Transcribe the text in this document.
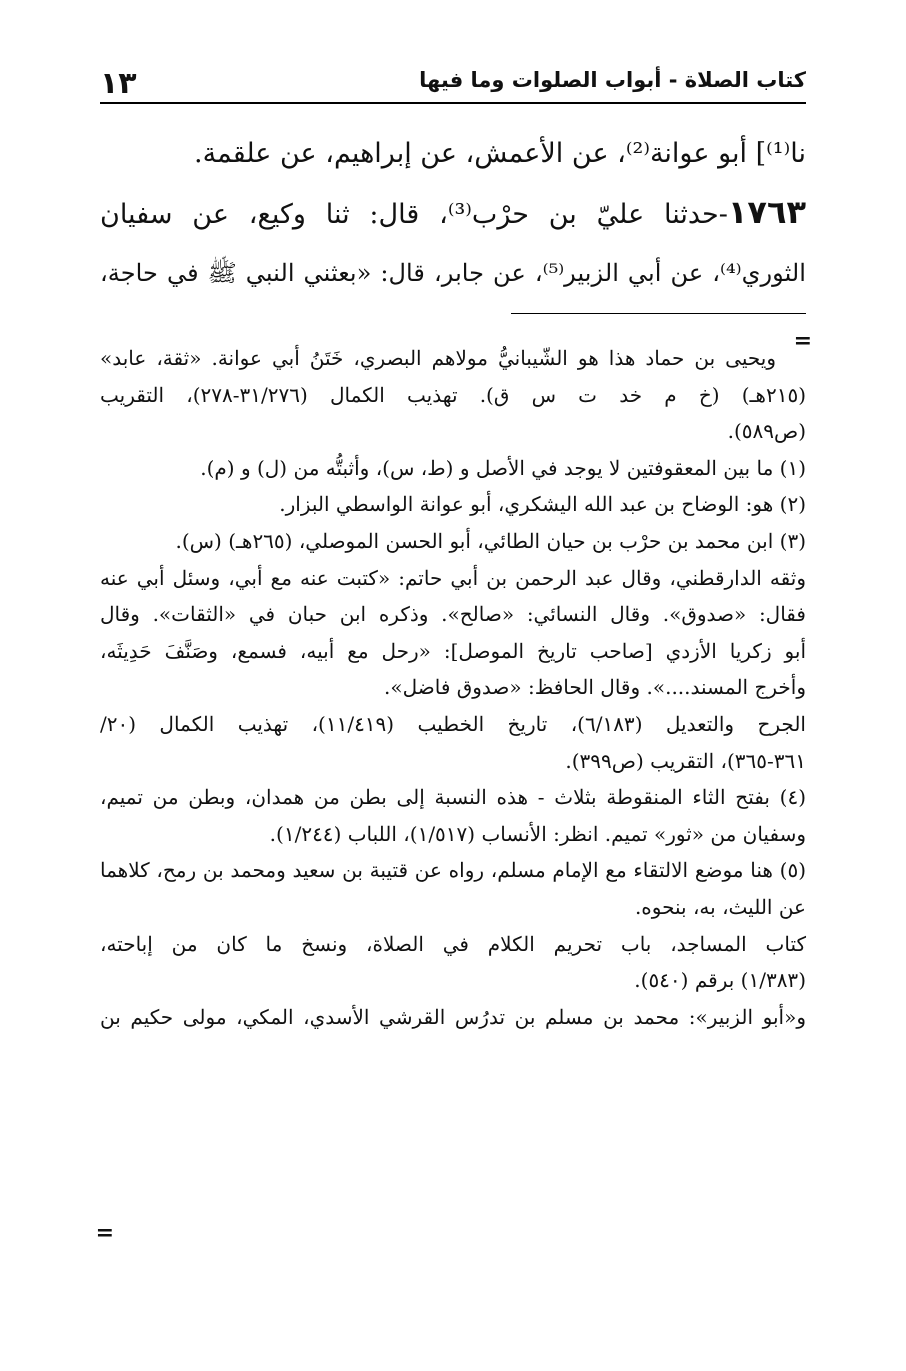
١٣	كتاب الصلاة - أبواب الصلوات وما فيها
نا⁽¹⁾] أبو عوانة⁽²⁾، عن الأعمش، عن إبراهيم، عن علقمة.
١٧٦٣-حدثنا عليّ بن حرْب⁽³⁾، قال: ثنا وكيع، عن سفيان
الثوري⁽⁴⁾، عن أبي الزبير⁽⁵⁾، عن جابر، قال: «بعثني النبي ﷺ في حاجة،
=
ويحيى بن حماد هذا هو الشّيبانيُّ مولاهم البصري، خَتَنُ أبي عوانة. «ثقة، عابد»
(٢١٥هـ) (خ م خد ت س ق). تهذيب الكمال (٣١/٢٧٦-٢٧٨)، التقريب
(ص٥٨٩).
(١) ما بين المعقوفتين لا يوجد في الأصل و (ط، س)، وأثبتُّه من (ل) و (م).
(٢) هو: الوضاح بن عبد الله اليشكري، أبو عوانة الواسطي البزار.
(٣) ابن محمد بن حرْب بن حيان الطائي، أبو الحسن الموصلي، (٢٦٥هـ) (س).
وثقه الدارقطني، وقال عبد الرحمن بن أبي حاتم: «كتبت عنه مع أبي، وسئل أبي عنه
فقال: «صدوق». وقال النسائي: «صالح». وذكره ابن حبان في «الثقات». وقال
أبو زكريا الأزدي [صاحب تاريخ الموصل]: «رحل مع أبيه، فسمع، وصَنَّفَ حَدِيثَه،
وأخرج المسند....». وقال الحافظ: «صدوق فاضل».
الجرح والتعديل (٦/١٨٣)، تاريخ الخطيب (١١/٤١٩)، تهذيب الكمال (٢٠/
٣٦١-٣٦٥)، التقريب (ص٣٩٩).
(٤) بفتح الثاء المنقوطة بثلاث - هذه النسبة إلى بطن من همدان، وبطن من تميم،
وسفيان من «ثور» تميم. انظر: الأنساب (١/٥١٧)، اللباب (١/٢٤٤).
(٥) هنا موضع الالتقاء مع الإمام مسلم، رواه عن قتيبة بن سعيد ومحمد بن رمح، كلاهما
عن الليث، به، بنحوه.
كتاب المساجد، باب تحريم الكلام في الصلاة، ونسخ ما كان من إباحته،
(١/٣٨٣) برقم (٥٤٠).
و«أبو الزبير»: محمد بن مسلم بن تدرُس القرشي الأسدي، المكي، مولى حكيم بن
=
